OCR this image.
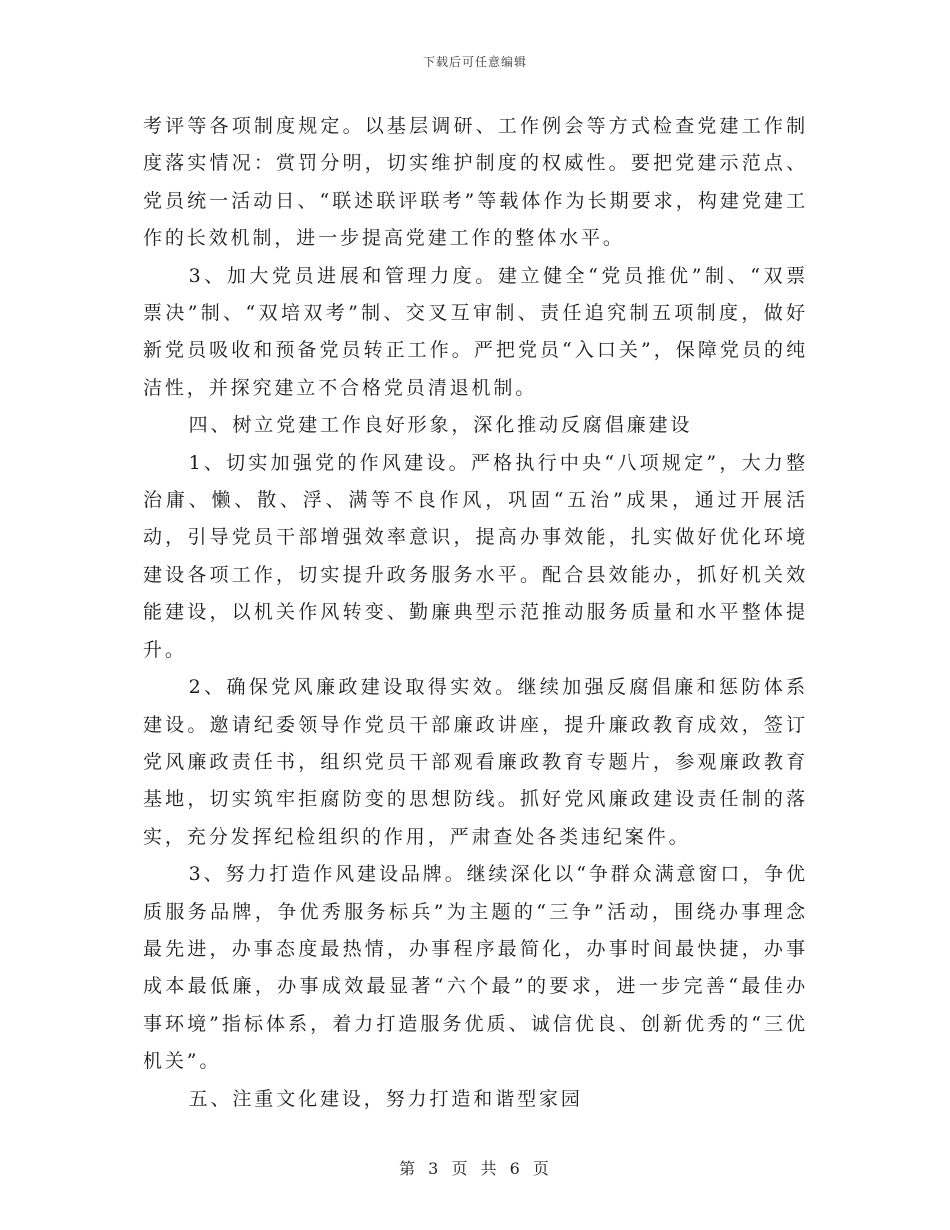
下载后可任意编辑

考评等各项制度规定。以基层调研、工作例会等方式检查党建工作制度落实情况：赏罚分明，切实维护制度的权威性。要把党建示范点、党员统一活动日、“联述联评联考”等载体作为长期要求，构建党建工作的长效机制，进一步提高党建工作的整体水平。

3、加大党员进展和管理力度。建立健全“党员推优”制、“双票票决”制、“双培双考”制、交叉互审制、责任追究制五项制度，做好新党员吸收和预备党员转正工作。严把党员“入口关”，保障党员的纯洁性，并探究建立不合格党员清退机制。

四、树立党建工作良好形象，深化推动反腐倡廉建设

1、切实加强党的作风建设。严格执行中央“八项规定”，大力整治庸、懒、散、浮、满等不良作风，巩固“五治”成果，通过开展活动，引导党员干部增强效率意识，提高办事效能，扎实做好优化环境建设各项工作，切实提升政务服务水平。配合县效能办，抓好机关效能建设，以机关作风转变、勤廉典型示范推动服务质量和水平整体提升。

2、确保党风廉政建设取得实效。继续加强反腐倡廉和惩防体系建设。邀请纪委领导作党员干部廉政讲座，提升廉政教育成效，签订党风廉政责任书，组织党员干部观看廉政教育专题片，参观廉政教育基地，切实筑牢拒腐防变的思想防线。抓好党风廉政建设责任制的落实，充分发挥纪检组织的作用，严肃查处各类违纪案件。

3、努力打造作风建设品牌。继续深化以“争群众满意窗口，争优质服务品牌，争优秀服务标兵”为主题的“三争”活动，围绕办事理念最先进，办事态度最热情，办事程序最简化，办事时间最快捷，办事成本最低廉，办事成效最显著“六个最”的要求，进一步完善“最佳办事环境”指标体系，着力打造服务优质、诚信优良、创新优秀的“三优机关”。

五、注重文化建设，努力打造和谐型家园

第 3 页 共 6 页
